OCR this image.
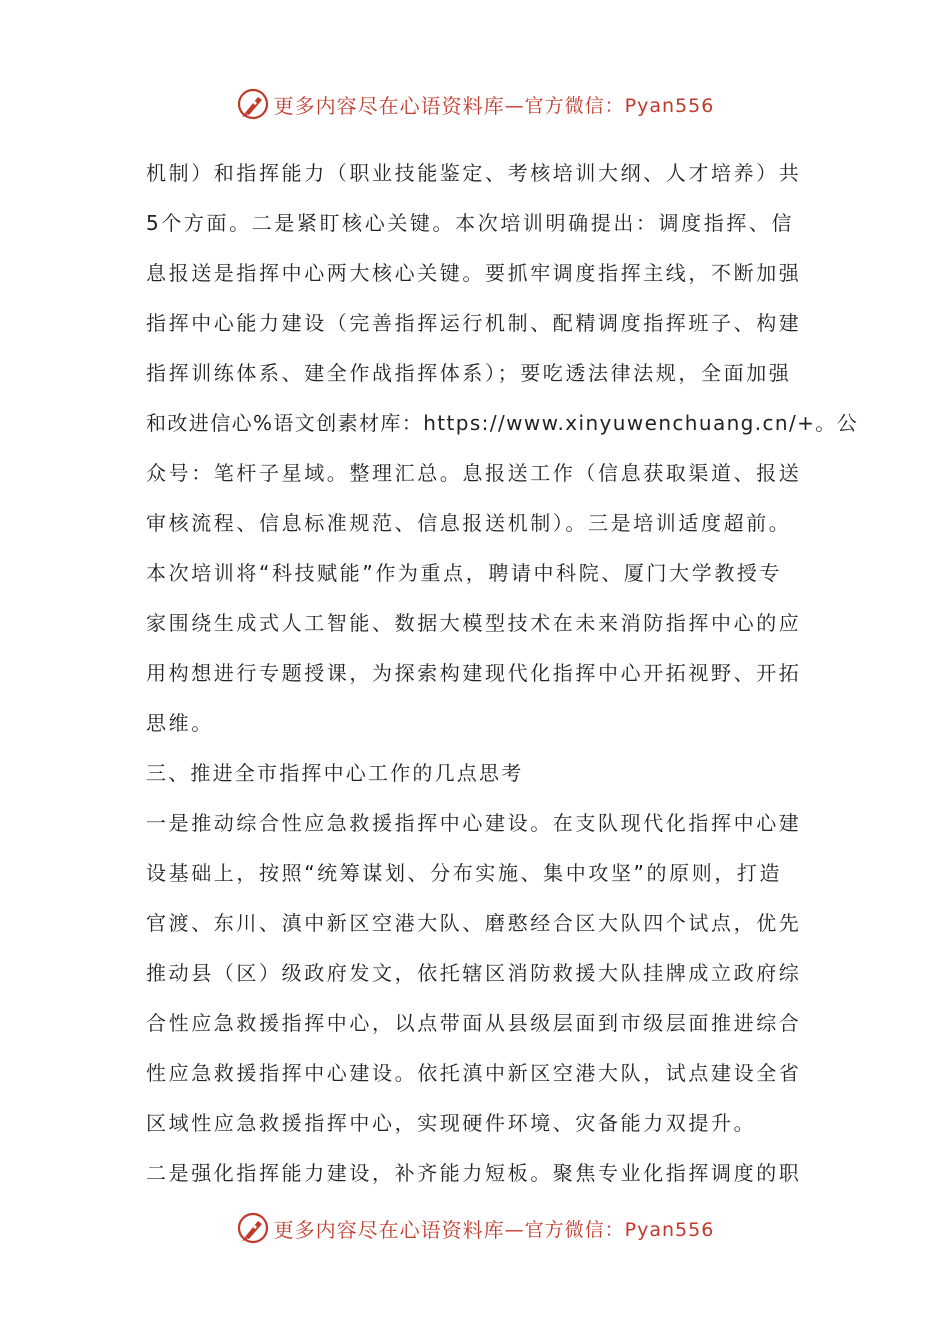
更多内容尽在心语资料库 —官方微信：Pyan556
机制）和指挥能力（职业技能鉴定、考核培训大纲、人才培养）共
5个方面。二是紧盯核心关键。本次培训明确提出：调度指挥、信
息报送是指挥中心两大核心关键。要抓牢调度指挥主线，不断加强
指挥中心能力建设（完善指挥运行机制、配精调度指挥班子、构建
指挥训练体系、建全作战指挥体系）；要吃透法律法规，全面加强
和改进信心%语文创素材库：https://www.xinyuwenchuang.cn/+。公
众号：笔杆子星域。整理汇总。息报送工作（信息获取渠道、报送
审核流程、信息标准规范、信息报送机制）。三是培训适度超前。
本次培训将“科技赋能”作为重点，聘请中科院、厦门大学教授专
家围绕生成式人工智能、数据大模型技术在未来消防指挥中心的应
用构想进行专题授课，为探索构建现代化指挥中心开拓视野、开拓
思维。
三、推进全市指挥中心工作的几点思考
一是推动综合性应急救援指挥中心建设。在支队现代化指挥中心建
设基础上，按照“统筹谋划、分布实施、集中攻坚”的原则，打造
官渡、东川、滇中新区空港大队、磨憨经合区大队四个试点，优先
推动县（区）级政府发文，依托辖区消防救援大队挂牌成立政府综
合性应急救援指挥中心，以点带面从县级层面到市级层面推进综合
性应急救援指挥中心建设。依托滇中新区空港大队，试点建设全省
区域性应急救援指挥中心，实现硬件环境、灾备能力双提升。
二是强化指挥能力建设，补齐能力短板。聚焦专业化指挥调度的职
更多内容尽在心语资料库 —官方微信：Pyan556
